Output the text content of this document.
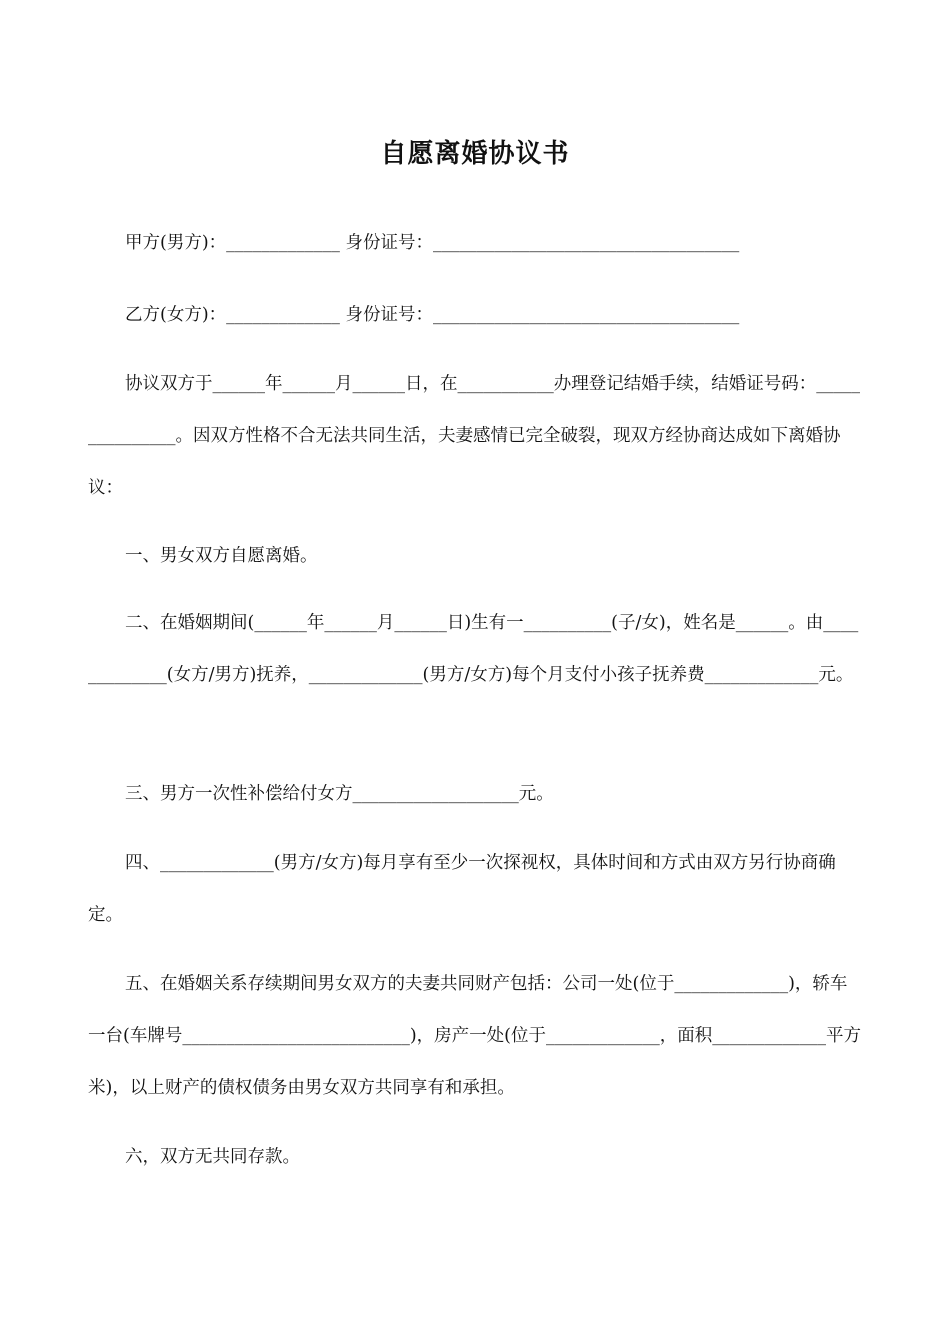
自愿离婚协议书
甲方(男方)：_____________ 身份证号：___________________________________
乙方(女方)：_____________ 身份证号：___________________________________
协议双方于______年______月______日，在___________办理登记结婚手续，结婚证号码：_______________。因双方性格不合无法共同生活，夫妻感情已完全破裂，现双方经协商达成如下离婚协议：
一、男女双方自愿离婚。
二、在婚姻期间(______年______月______日)生有一__________(子/女)，姓名是______。由_____________(女方/男方)抚养，_____________(男方/女方)每个月支付小孩子抚养费_____________元。
三、男方一次性补偿给付女方___________________元。
四、_____________(男方/女方)每月享有至少一次探视权，具体时间和方式由双方另行协商确定。
五、在婚姻关系存续期间男女双方的夫妻共同财产包括：公司一处(位于_____________)，轿车一台(车牌号__________________________)，房产一处(位于_____________，面积_____________平方米)，以上财产的债权债务由男女双方共同享有和承担。
六，双方无共同存款。
